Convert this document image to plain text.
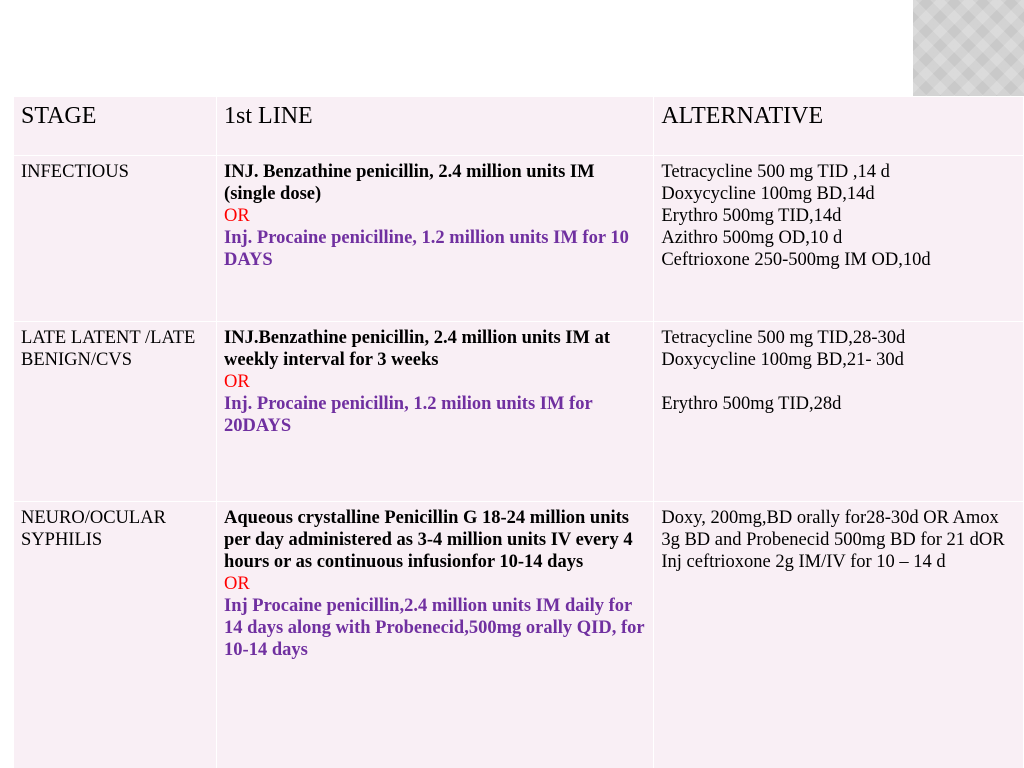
STAGE	1st LINE	ALTERNATIVE
INFECTIOUS	INJ. Benzathine penicillin, 2.4 million units IM (single dose)
OR
Inj. Procaine penicilline, 1.2 million units IM for 10 DAYS	Tetracycline 500 mg TID ,14 d
Doxycycline 100mg BD,14d
Erythro 500mg TID,14d
Azithro 500mg OD,10 d
Ceftrioxone 250-500mg IM OD,10d

LATE LATENT /LATE BENIGN/CVS	INJ.Benzathine penicillin, 2.4 million units IM at weekly interval for 3 weeks
OR
Inj. Procaine penicillin, 1.2 milion units IM for 20DAYS	Tetracycline 500 mg TID,28-30d
Doxycycline 100mg BD,21- 30d
Erythro 500mg TID,28d

NEURO/OCULAR SYPHILIS	Aqueous crystalline Penicillin G 18-24 million units per day administered as 3-4 million units IV every 4 hours or as continuous infusionfor 10-14 days
OR
Inj Procaine penicillin,2.4 million units IM daily for 14 days along with Probenecid,500mg orally QID, for 10-14 days	Doxy, 200mg,BD orally for28-30d OR Amox 3g BD and Probenecid 500mg BD for 21 dOR Inj ceftrioxone 2g IM/IV for 10 – 14 d
